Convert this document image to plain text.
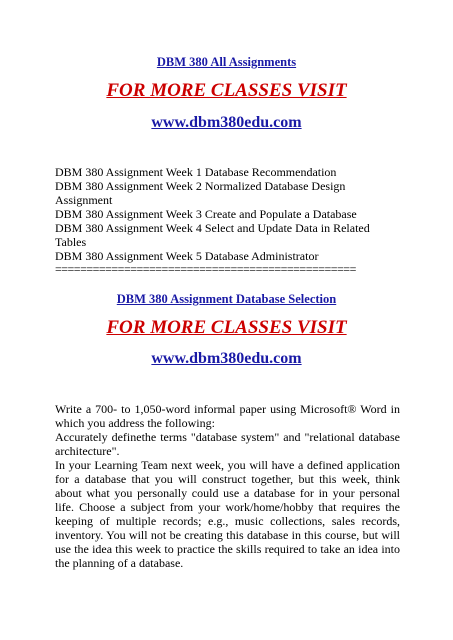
DBM 380 All Assignments
FOR MORE CLASSES VISIT
www.dbm380edu.com
DBM 380 Assignment Week 1 Database Recommendation
DBM 380 Assignment Week 2 Normalized Database Design
Assignment
DBM 380 Assignment Week 3 Create and Populate a Database
DBM 380 Assignment Week 4 Select and Update Data in Related
Tables
DBM 380 Assignment Week 5 Database Administrator
================================================
DBM 380 Assignment Database Selection
FOR MORE CLASSES VISIT
www.dbm380edu.com

Write a 700- to 1,050-word informal paper using Microsoft® Word in which you address the following:

Accurately definethe terms "database system" and "relational database architecture".

In your Learning Team next week, you will have a defined application for a database that you will construct together, but this week, think about what you personally could use a database for in your personal life. Choose a subject from your work/home/hobby that requires the keeping of multiple records; e.g., music collections, sales records, inventory. You will not be creating this database in this course, but will use the idea this week to practice the skills required to take an idea into the planning of a database.
